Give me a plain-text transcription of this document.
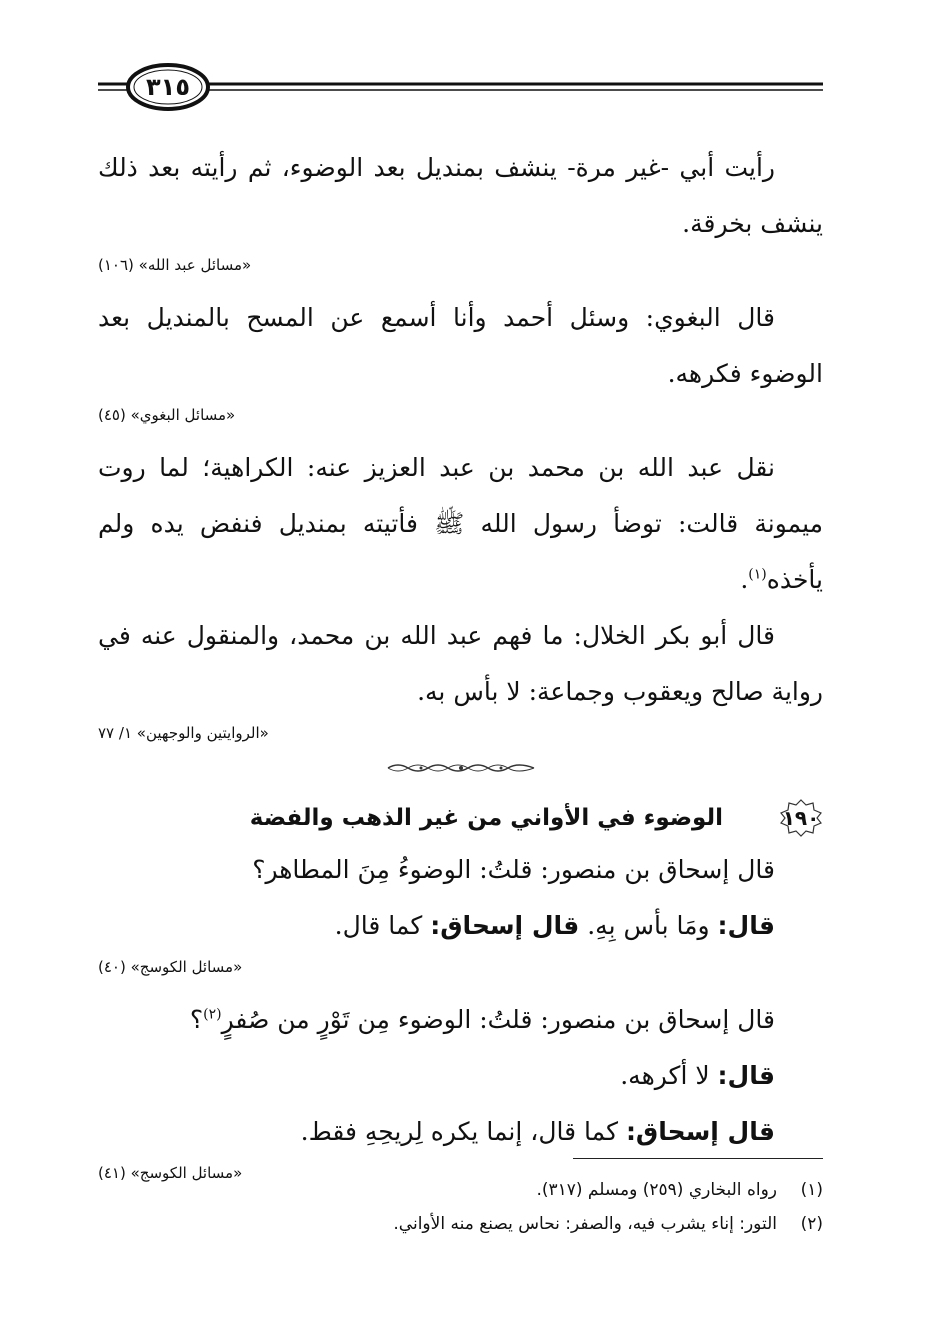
٣١٥

رأيت أبي -غير مرة- ينشف بمنديل بعد الوضوء، ثم رأيته بعد ذلك ينشف بخرقة.

«مسائل عبد الله» (١٠٦)

قال البغوي: وسئل أحمد وأنا أسمع عن المسح بالمنديل بعد الوضوء فكرهه.

«مسائل البغوي» (٤٥)

نقل عبد الله بن محمد بن عبد العزيز عنه: الكراهية؛ لما روت ميمونة قالت: توضأ رسول الله ﷺ فأتيته بمنديل فنفض يده ولم يأخذه$^{(١)}$.

قال أبو بكر الخلال: ما فهم عبد الله بن محمد، والمنقول عنه في رواية صالح ويعقوب وجماعة: لا بأس به.

«الروايتين والوجهين» ١/ ٧٧
١٩٠
الوضوء في الأواني من غير الذهب والفضة

قال إسحاق بن منصور: قلتُ: الوضوءُ مِنَ المطاهر؟

قال: ومَا بأس بِهِ. قال إسحاق: كما قال.

«مسائل الكوسج» (٤٠)

قال إسحاق بن منصور: قلتُ: الوضوء مِن تَوْرٍ من صُفرٍ$^{(٢)}$؟

قال: لا أكرهه.

قال إسحاق: كما قال، إنما يكره لِريحِهِ فقط.

«مسائل الكوسج» (٤١)
(١)
رواه البخاري (٢٥٩) ومسلم (٣١٧).
(٢)
التور: إناء يشرب فيه، والصفر: نحاس يصنع منه الأواني.
